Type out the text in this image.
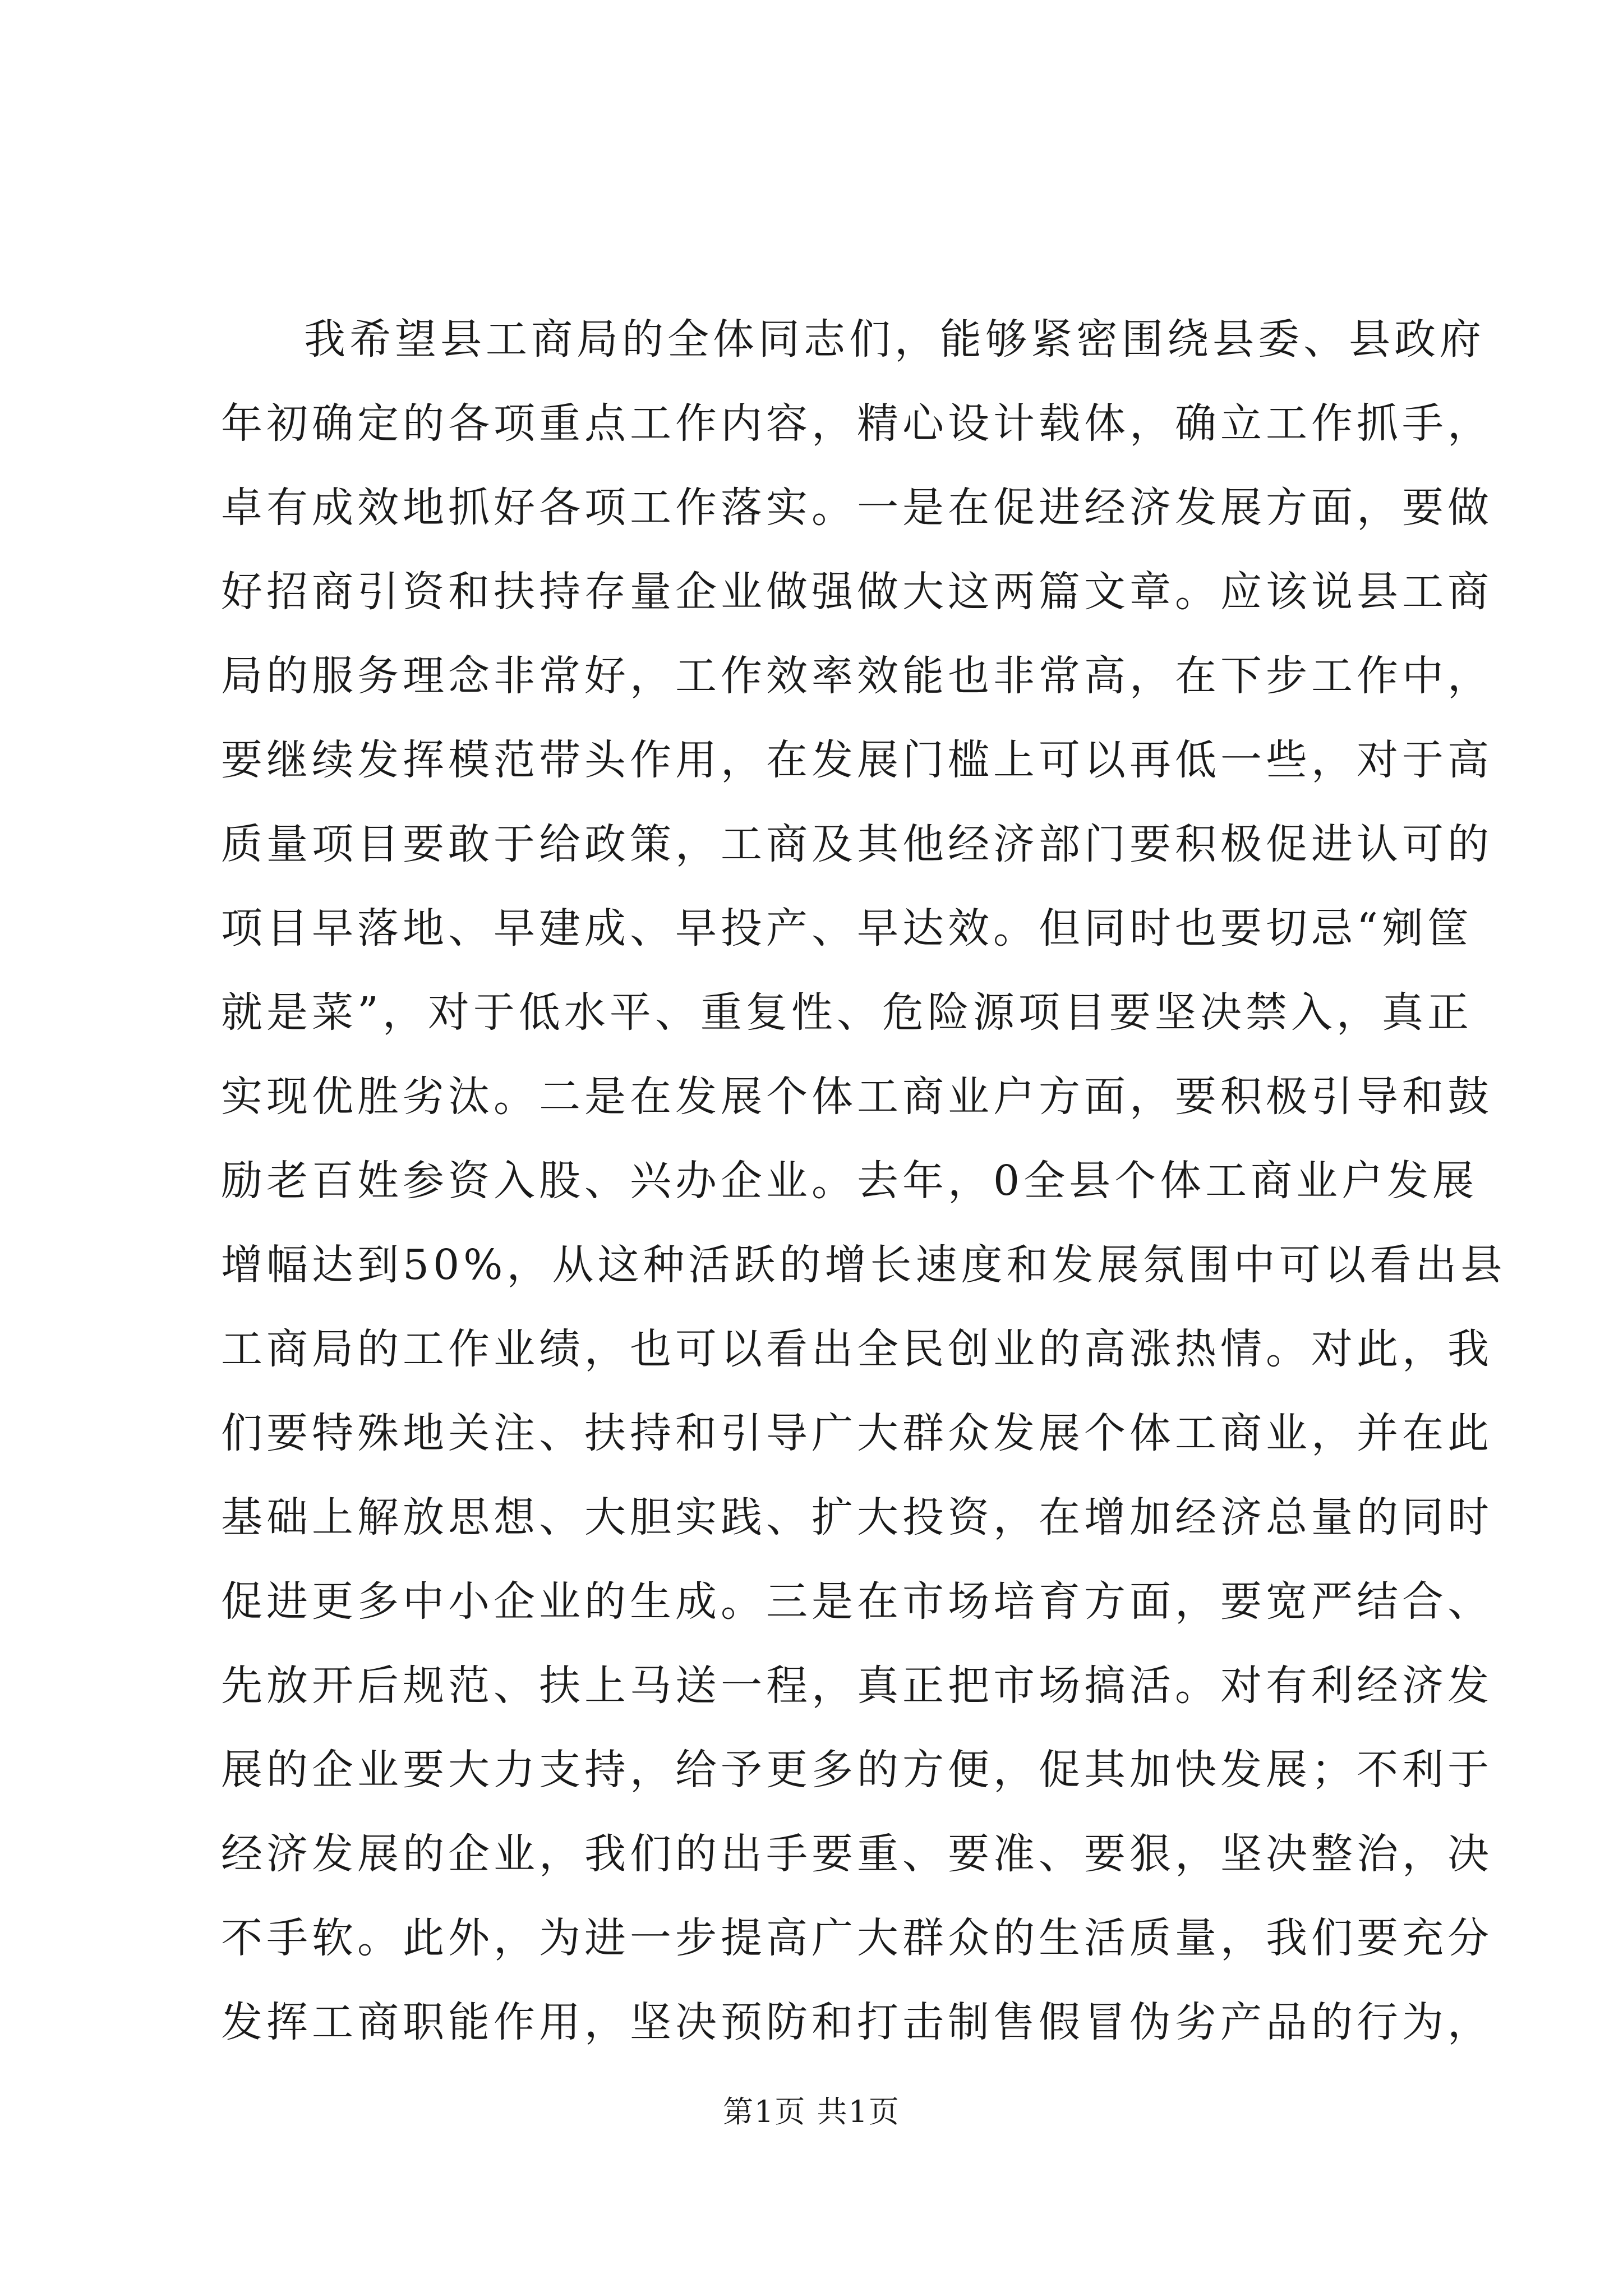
我希望县工商局的全体同志们，能够紧密围绕县委、县政府
年初确定的各项重点工作内容，精心设计载体，确立工作抓手，
卓有成效地抓好各项工作落实。一是在促进经济发展方面，要做
好招商引资和扶持存量企业做强做大这两篇文章。应该说县工商
局的服务理念非常好，工作效率效能也非常高，在下步工作中，
要继续发挥模范带头作用，在发展门槛上可以再低一些，对于高
质量项目要敢于给政策，工商及其他经济部门要积极促进认可的
项目早落地、早建成、早投产、早达效。但同时也要切忌“剜筐
就是菜”，对于低水平、重复性、危险源项目要坚决禁入，真正
实现优胜劣汰。二是在发展个体工商业户方面，要积极引导和鼓
励老百姓参资入股、兴办企业。去年，0全县个体工商业户发展
增幅达到50%，从这种活跃的增长速度和发展氛围中可以看出县
工商局的工作业绩，也可以看出全民创业的高涨热情。对此，我
们要特殊地关注、扶持和引导广大群众发展个体工商业，并在此
基础上解放思想、大胆实践、扩大投资，在增加经济总量的同时
促进更多中小企业的生成。三是在市场培育方面，要宽严结合、
先放开后规范、扶上马送一程，真正把市场搞活。对有利经济发
展的企业要大力支持，给予更多的方便，促其加快发展；不利于
经济发展的企业，我们的出手要重、要准、要狠，坚决整治，决
不手软。此外，为进一步提高广大群众的生活质量，我们要充分
发挥工商职能作用，坚决预防和打击制售假冒伪劣产品的行为，
第1页 共1页
